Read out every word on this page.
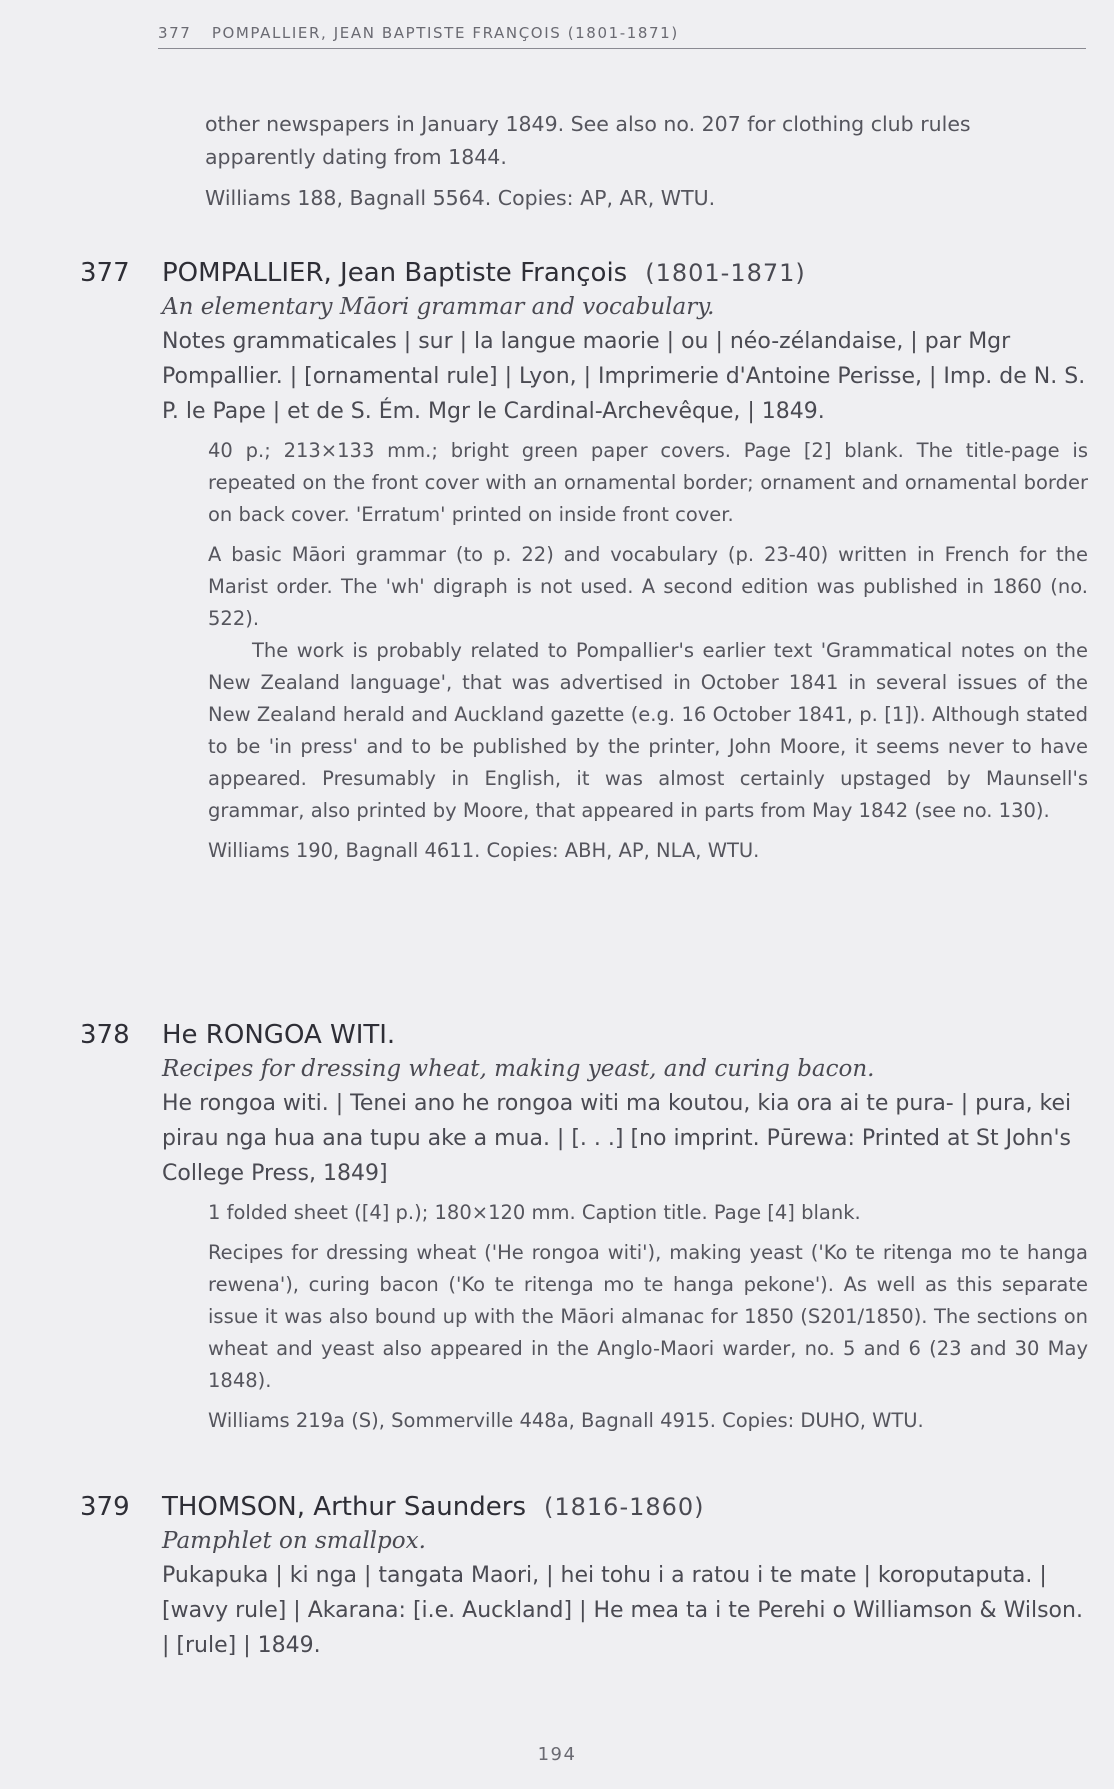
377 POMPALLIER, JEAN BAPTISTE FRANÇOIS (1801-1871)

other newspapers in January 1849. See also no. 207 for clothing club rules apparently dating from 1844.

Williams 188, Bagnall 5564. Copies: AP, AR, WTU.

377	POMPALLIER, Jean Baptiste François (1801-1871)

An elementary Māori grammar and vocabulary.

Notes grammaticales | sur | la langue maorie | ou | néo-zélandaise, | par Mgr Pompallier. | [ornamental rule] | Lyon, | Imprimerie d'Antoine Perisse, | Imp. de N. S. P. le Pape | et de S. Ém. Mgr le Cardinal-Archevêque, | 1849.

40 p.; 213×133 mm.; bright green paper covers. Page [2] blank. The title-page is repeated on the front cover with an ornamental border; ornament and ornamental border on back cover. 'Erratum' printed on inside front cover.

A basic Māori grammar (to p. 22) and vocabulary (p. 23-40) written in French for the Marist order. The 'wh' digraph is not used. A second edition was published in 1860 (no. 522).

The work is probably related to Pompallier's earlier text 'Grammatical notes on the New Zealand language', that was advertised in October 1841 in several issues of the New Zealand herald and Auckland gazette (e.g. 16 October 1841, p. [1]). Although stated to be 'in press' and to be published by the printer, John Moore, it seems never to have appeared. Presumably in English, it was almost certainly upstaged by Maunsell's grammar, also printed by Moore, that appeared in parts from May 1842 (see no. 130).

Williams 190, Bagnall 4611. Copies: ABH, AP, NLA, WTU.

378	He RONGOA WITI.

Recipes for dressing wheat, making yeast, and curing bacon.

He rongoa witi. | Tenei ano he rongoa witi ma koutou, kia ora ai te pura- | pura, kei pirau nga hua ana tupu ake a mua. | [. . .] [no imprint. Pūrewa: Printed at St John's College Press, 1849]

1 folded sheet ([4] p.); 180×120 mm. Caption title. Page [4] blank.

Recipes for dressing wheat ('He rongoa witi'), making yeast ('Ko te ritenga mo te hanga rewena'), curing bacon ('Ko te ritenga mo te hanga pekone'). As well as this separate issue it was also bound up with the Māori almanac for 1850 (S201/1850). The sections on wheat and yeast also appeared in the Anglo-Maori warder, no. 5 and 6 (23 and 30 May 1848).

Williams 219a (S), Sommerville 448a, Bagnall 4915. Copies: DUHO, WTU.

379	THOMSON, Arthur Saunders (1816-1860)

Pamphlet on smallpox.

Pukapuka | ki nga | tangata Maori, | hei tohu i a ratou i te mate | koroputaputa. | [wavy rule] | Akarana: [i.e. Auckland] | He mea ta i te Perehi o Williamson & Wilson. | [rule] | 1849.

194
